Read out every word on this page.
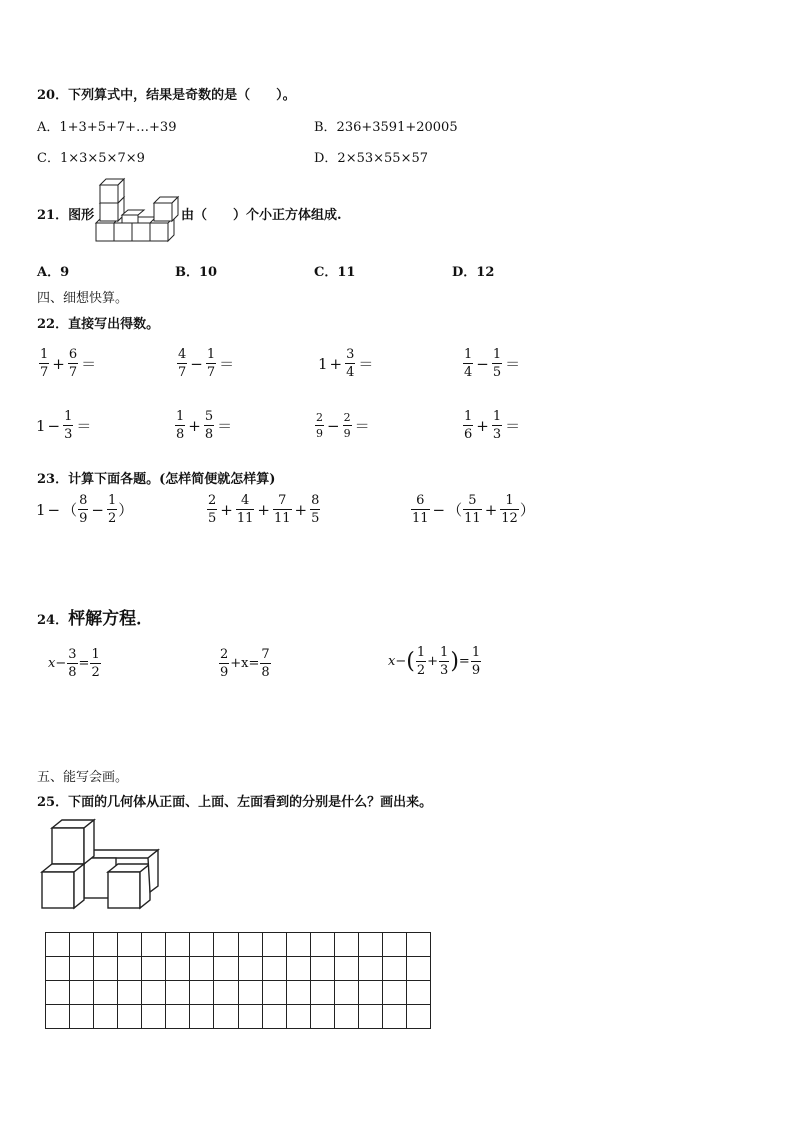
20．下列算式中，结果是奇数的是（　　）。
A．1+3+5+7+…+39	B．236+3591+20005
C．1×3×5×7×9	D．2×53×55×57
21．图形	由（　　）个小正方体组成.
A．9	B．10	C．11	D．12
四、细想快算。
22．直接写出得数。
$\frac{1}{7} + \frac{6}{7}$ ＝	$\frac{4}{7} - \frac{1}{7}$ ＝	$1 + \frac{3}{4}$ ＝	$\frac{1}{4} - \frac{1}{5}$ ＝
$1 - \frac{1}{3}$ ＝	$\frac{1}{8} + \frac{5}{8}$ ＝	$\frac{2}{9} - \frac{2}{9}$ ＝	$\frac{1}{6} + \frac{1}{3}$ ＝
23．计算下面各题。(怎样简便就怎样算)
1 − （ $\frac{8}{9} - \frac{1}{2}$ ）	$\frac{2}{5} + \frac{4}{11} + \frac{7}{11} + \frac{8}{5}$	$\frac{6}{11}$ − （ $\frac{5}{11} + \frac{1}{12}$ ）
24．枰解方程．
$x - \frac{3}{8} = \frac{1}{2}$	$\frac{2}{9} +x = \frac{7}{8}$	x − ( $\frac{1}{2} + \frac{1}{3}$ ) = $\frac{1}{9}$
五、能写会画。
25．下面的几何体从正面、上面、左面看到的分别是什么？画出来。
